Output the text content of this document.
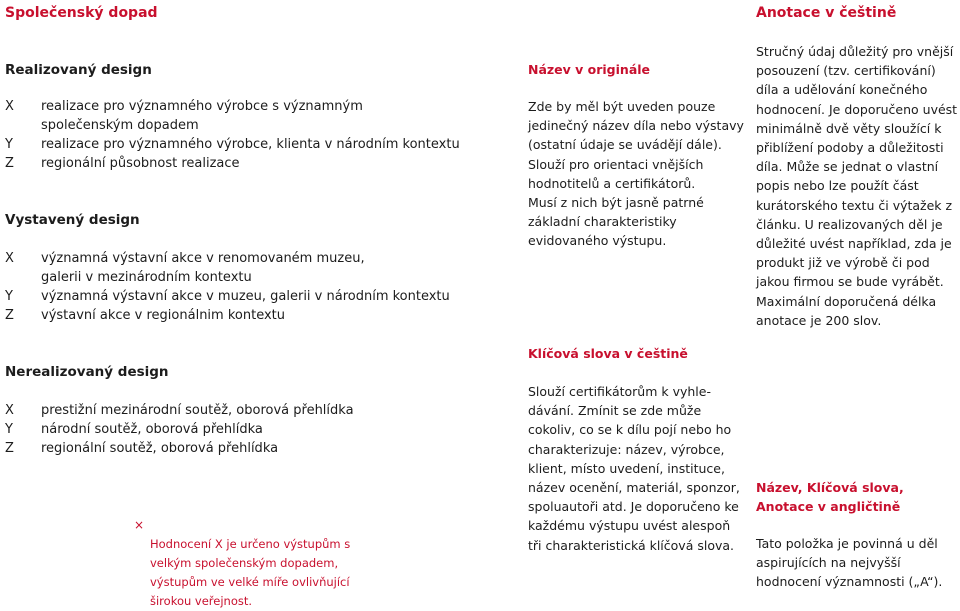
Společenský dopad	Anotace v češtině
Realizovaný design
X	realizace pro významného výrobce s významným společenským dopadem
Y	realizace pro významného výrobce, klienta v národním kontextu
Z	regionální působnost realizace
Vystavený design
X	významná výstavní akce v renomovaném muzeu, galerii v mezinárodním kontextu
Y	významná výstavní akce v muzeu, galerii v národním kontextu
Z	výstavní akce v regionálnim kontextu
Nerealizovaný design
X	prestižní mezinárodní soutěž, oborová přehlídka
Y	národní soutěž, oborová přehlídka
Z	regionální soutěž, oborová přehlídka
×
Hodnocení X je určeno výstupům s velkým společenským dopadem, výstupům ve velké míře ovlivňující širokou veřejnost.
Název v originále

Zde by měl být uveden pouze jedinečný název díla nebo výstavy (ostatní údaje se uvádějí dále).

Slouží pro orientaci vnějších hodnotitelů a certifikátorů.

Musí z nich být jasně patrné základní charakteristiky evidovaného výstupu.

Klíčová slova v češtině
Slouží certifikátorům k vyhledávání. Zmínit se zde může cokoliv, co se k dílu pojí nebo ho charakterizuje: název, výrobce, klient, místo uvedení, instituce, název ocenění, materiál, sponzor, spoluautoři atd. Je doporučeno ke každému výstupu uvést alespoň tři charakteristická klíčová slova.
Stručný údaj důležitý pro vnější posouzení (tzv. certifikování) díla a udělování konečného hodnocení. Je doporučeno uvést minimálně dvě věty sloužící k přiblížení podoby a důležitosti díla. Může se jednat o vlastní popis nebo lze použít část kurátorského textu či výtažek z článku. U realizovaných děl je důležité uvést například, zda je produkt již ve výrobě či pod jakou firmou se bude vyrábět. Maximální doporučená délka anotace je 200 slov.
Název, Klíčová slova,
Anotace v angličtině
Tato položka je povinná u děl aspirujících na nejvyšší hodnocení významnosti („A“).
